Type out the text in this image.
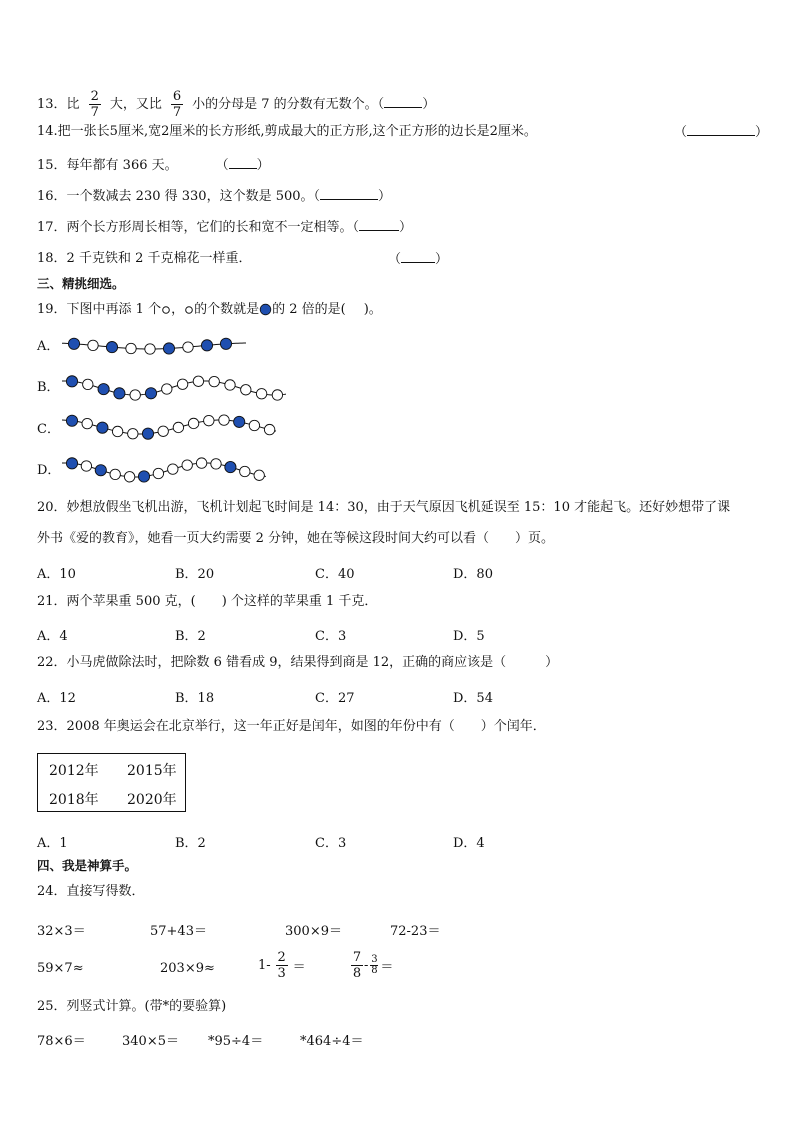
13．比 $\frac{2}{7}$ 大，又比 $\frac{6}{7}$ 小的分母是 7 的分数有无数个。（	）
14.把一张长5厘米,宽2厘米的长方形纸,剪成最大的正方形,这个正方形的边长是2厘米。	（	）
15．每年都有 366 天。	（ ）
16．一个数减去 230 得 330，这个数是 500。（	）
17．两个长方形周长相等，它们的长和宽不一定相等。（	）
18．2 千克铁和 2 千克棉花一样重．	（	）
三、精挑细选。
19．下图中再添 1 个 ， 的个数就是 的 2 倍的是( )。
A．
B．
C．
D．
20．妙想放假坐飞机出游，飞机计划起飞时间是 14：30，由于天气原因飞机延误至 15：10 才能起飞。还好妙想带了课
外书《爱的教育》，她看一页大约需要 2 分钟，她在等候这段时间大约可以看（　　）页。
A．10	B．20	C．40	D．80
21．两个苹果重 500 克，(　　) 个这样的苹果重 1 千克．
A．4	B．2	C．3	D．5
22．小马虎做除法时，把除数 6 错看成 9，结果得到商是 12，正确的商应该是（　　　）
A．12	B．18	C．27	D．54
23．2008 年奥运会在北京举行，这一年正好是闰年，如图的年份中有（　　）个闰年．
2012年 2015年
2018年 2020年
A．1	B．2	C．3	D．4
四、我是神算手。
24．直接写得数．
32×3＝	57+43＝	300×9＝	72-23＝
59×7≈	203×9≈	$1- \frac{2}{3}$ ＝	$\frac{7}{8} - \frac{3}{8}$ ＝
25．列竖式计算。(带*的要验算)
78×6＝	340×5＝ *95÷4＝	*464÷4＝
